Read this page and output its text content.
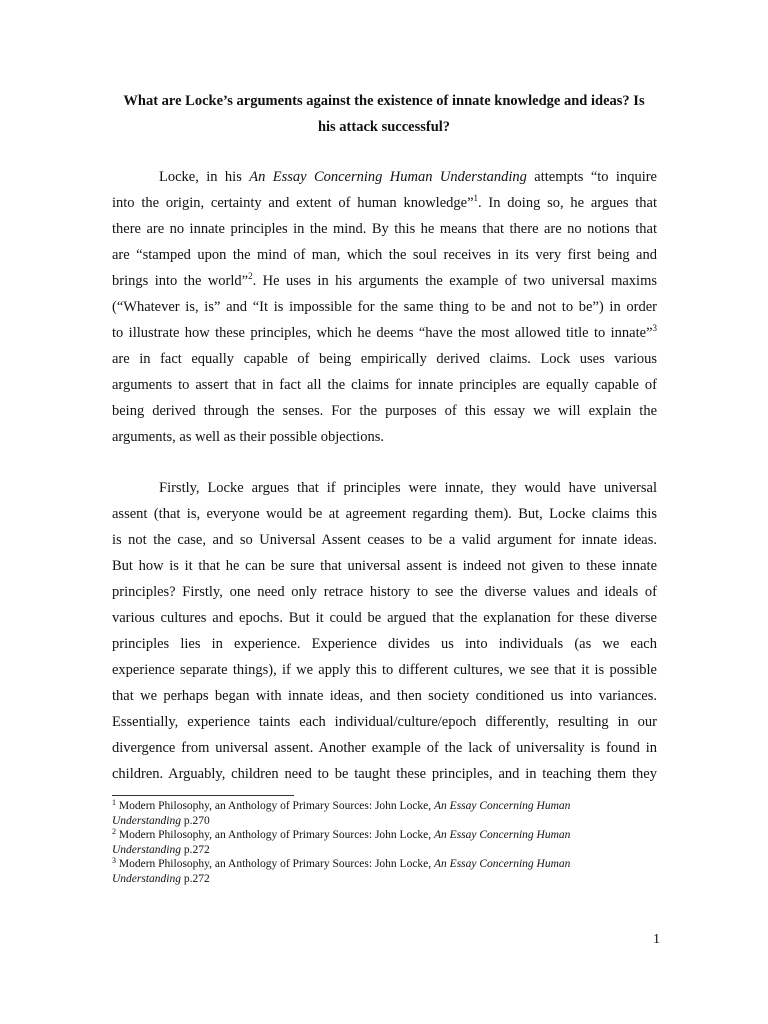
What are Locke’s arguments against the existence of innate knowledge and ideas? Is
his attack successful?
Locke, in his An Essay Concerning Human Understanding attempts “to inquire
into the origin, certainty and extent of human knowledge”$^1$. In doing so, he argues that
there are no innate principles in the mind. By this he means that there are no notions that
are “stamped upon the mind of man, which the soul receives in its very first being and
brings into the world”$^2$. He uses in his arguments the example of two universal maxims
(“Whatever is, is” and “It is impossible for the same thing to be and not to be”) in order
to illustrate how these principles, which he deems “have the most allowed title to innate”$^3$
are in fact equally capable of being empirically derived claims. Lock uses various
arguments to assert that in fact all the claims for innate principles are equally capable of
being derived through the senses. For the purposes of this essay we will explain the
arguments, as well as their possible objections.
Firstly, Locke argues that if principles were innate, they would have universal
assent (that is, everyone would be at agreement regarding them). But, Locke claims this
is not the case, and so Universal Assent ceases to be a valid argument for innate ideas.
But how is it that he can be sure that universal assent is indeed not given to these innate
principles? Firstly, one need only retrace history to see the diverse values and ideals of
various cultures and epochs. But it could be argued that the explanation for these diverse
principles lies in experience. Experience divides us into individuals (as we each
experience separate things), if we apply this to different cultures, we see that it is possible
that we perhaps began with innate ideas, and then society conditioned us into variances.
Essentially, experience taints each individual/culture/epoch differently, resulting in our
divergence from universal assent. Another example of the lack of universality is found in
children. Arguably, children need to be taught these principles, and in teaching them they
$^1$ Modern Philosophy, an Anthology of Primary Sources: John Locke, An Essay Concerning Human
Understanding p.270
$^2$ Modern Philosophy, an Anthology of Primary Sources: John Locke, An Essay Concerning Human
Understanding p.272
$^3$ Modern Philosophy, an Anthology of Primary Sources: John Locke, An Essay Concerning Human
Understanding p.272
1
